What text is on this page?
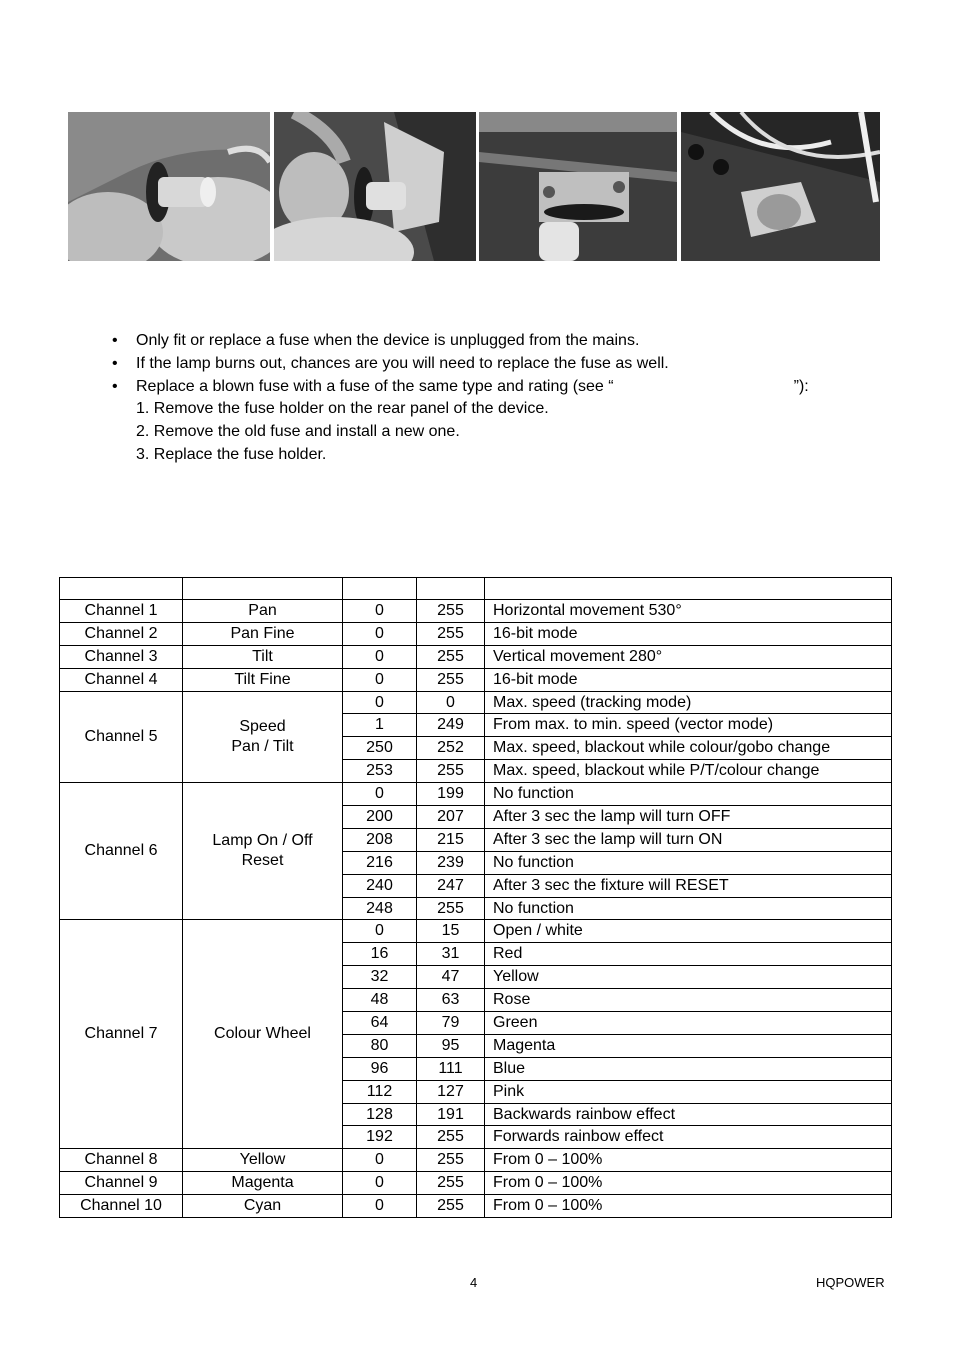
• Only fit or replace a fuse when the device is unplugged from the mains.
• If the lamp burns out, chances are you will need to replace the fuse as well.
• Replace a blown fuse with a fuse of the same type and rating (see “	”):
1. Remove the fuse holder on the rear panel of the device.
2. Remove the old fuse and install a new one.
3. Replace the fuse holder.

Channel 1	Pan	0	255	Horizontal movement 530°
Channel 2	Pan Fine	0	255	16-bit mode
Channel 3	Tilt	0	255	Vertical movement 280°
Channel 4	Tilt Fine	0	255	16-bit mode
Channel 5	Speed
Pan / Tilt	0	0	Max. speed (tracking mode)
		1	249	From max. to min. speed (vector mode)
		250	252	Max. speed, blackout while colour/gobo change
		253	255	Max. speed, blackout while P/T/colour change
Channel 6	Lamp On / Off
Reset	0	199	No function
		200	207	After 3 sec the lamp will turn OFF
		208	215	After 3 sec the lamp will turn ON
		216	239	No function
		240	247	After 3 sec the fixture will RESET
		248	255	No function
Channel 7	Colour Wheel	0	15	Open / white
		16	31	Red
		32	47	Yellow
		48	63	Rose
		64	79	Green
		80	95	Magenta
		96	111	Blue
		112	127	Pink
		128	191	Backwards rainbow effect
		192	255	Forwards rainbow effect
Channel 8	Yellow	0	255	From 0 – 100%
Channel 9	Magenta	0	255	From 0 – 100%
Channel 10	Cyan	0	255	From 0 – 100%
4	HQPOWER
